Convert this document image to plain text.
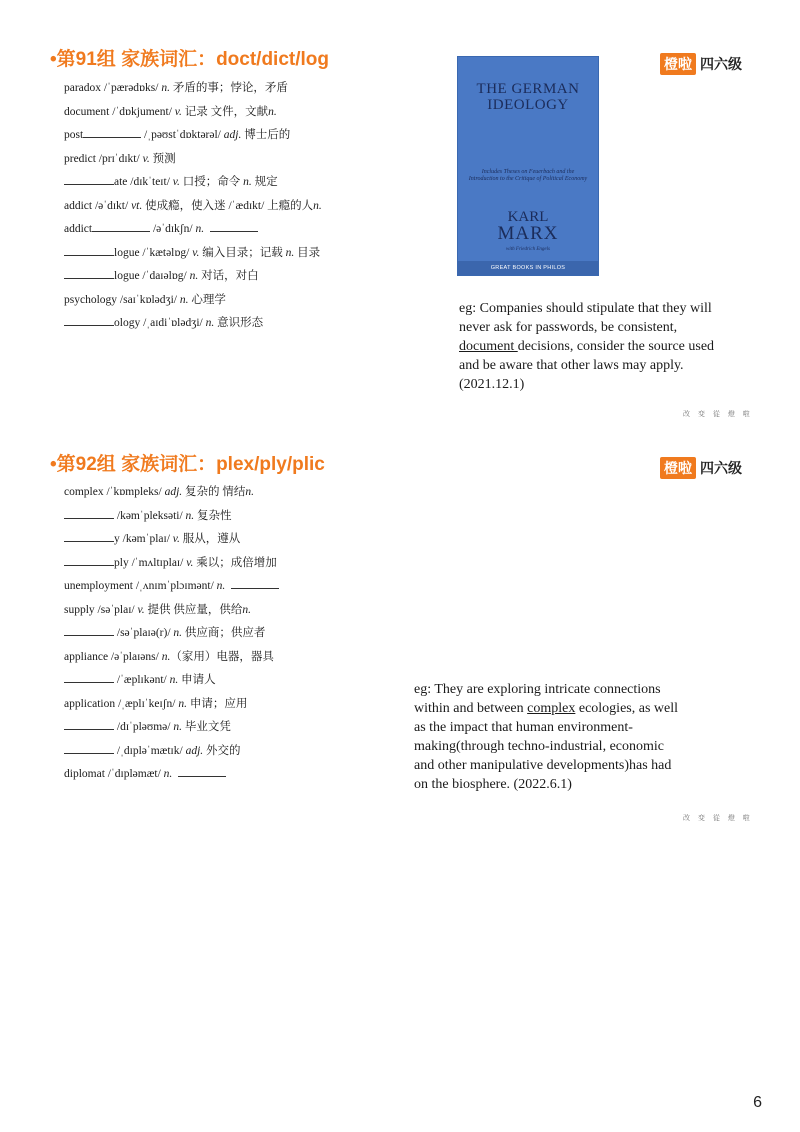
•第91组 家族词汇：doct/dict/log	橙啦 四六级
paradox /ˈpærədɒks/ n. 矛盾的事；悖论，矛盾
document /ˈdɒkjument/ v. 记录 文件，文献n.
post	/ˌpəʊstˈdɒktərəl/ adj. 博士后的
predict /prɪˈdɪkt/ v. 预测
ate /dɪkˈteɪt/ v. 口授；命令 n. 规定
addict /əˈdɪkt/ vt. 使成瘾，使入迷 /ˈædɪkt/ 上瘾的人n.
addict	/əˈdɪkʃn/ n.
logue /ˈkætəlɒg/ v. 编入目录；记载 n. 目录
logue /ˈdaɪəlɒg/ n. 对话，对白
psychology /saɪˈkɒlədʒi/ n. 心理学
ology /ˌaɪdiˈɒlədʒi/ n. 意识形态
THE GERMAN
IDEOLOGY
Includes Theses on Feuerbach and the Introduction to the Critique of Political Economy
KARL
MARX
with Friedrich Engels
GREAT BOOKS IN PHILOS
eg: Companies should stipulate that they will never ask for passwords, be consistent, document decisions, consider the source used and be aware that other laws may apply. (2021.12.1)
改 变 從 燈 啦
•第92组 家族词汇：plex/ply/plic	橙啦 四六级
complex /ˈkɒmpleks/ adj. 复杂的 情结n.
/kəmˈpleksəti/ n. 复杂性
y /kəmˈplaɪ/ v. 服从，遵从
ply /ˈmʌltɪplaɪ/ v. 乘以；成倍增加
unemployment /ˌʌnɪmˈplɔɪmənt/ n.
supply /səˈplaɪ/ v. 提供 供应量，供给n.
/səˈplaɪə(r)/ n. 供应商；供应者
appliance /əˈplaɪəns/ n.（家用）电器，器具
/ˈæplɪkənt/ n. 申请人
application /ˌæplɪˈkeɪʃn/ n. 申请；应用
/dɪˈpləʊmə/ n. 毕业文凭
/ˌdɪpləˈmætɪk/ adj. 外交的
diplomat /ˈdɪpləmæt/ n.
eg: They are exploring intricate connections within and between complex ecologies, as well as the impact that human environment-making(through techno-industrial, economic and other manipulative developments)has had on the biosphere. (2022.6.1)
改 变 從 燈 啦
6
